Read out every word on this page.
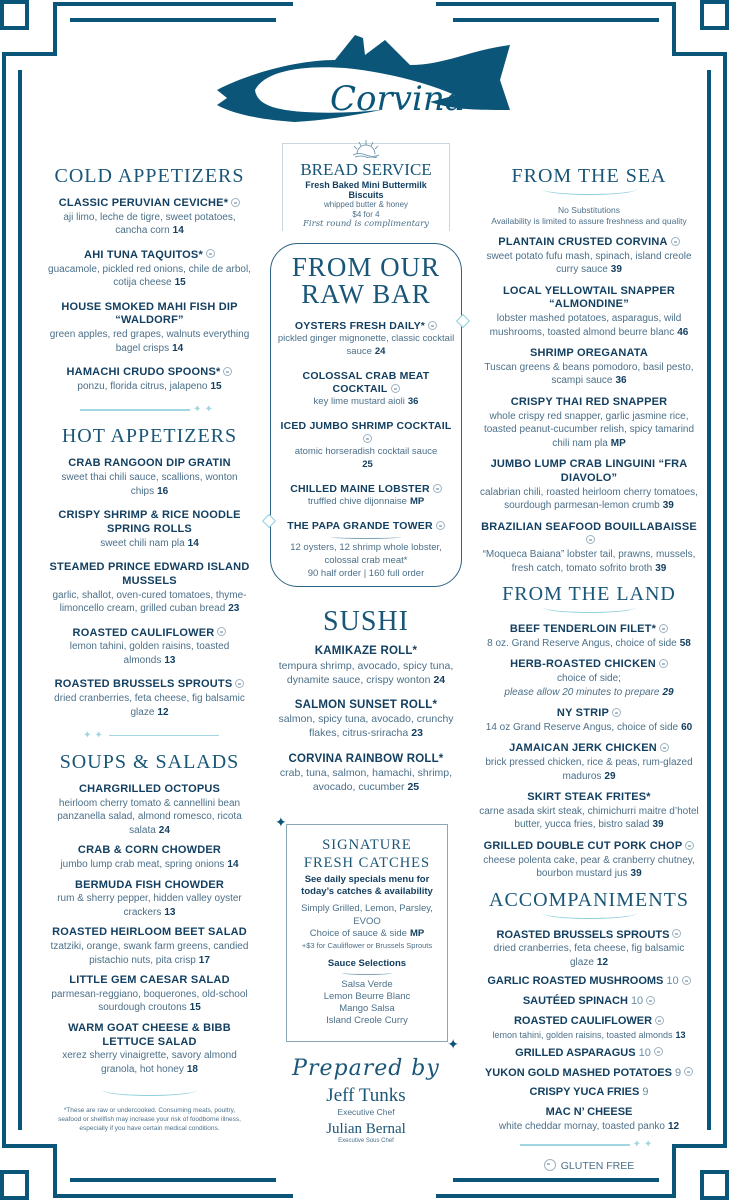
Corvina
COLD APPETIZERS
CLASSIC PERUVIAN CEVICHE*
aji limo, leche de tigre, sweet potatoes, cancha corn 14
AHI TUNA TAQUITOS*
guacamole, pickled red onions, chile de arbol, cotija cheese 15
HOUSE SMOKED MAHI FISH DIP “WALDORF”
green apples, red grapes, walnuts everything bagel crisps 14
HAMACHI CRUDO SPOONS*
ponzu, florida citrus, jalapeno 15
✦✦
HOT APPETIZERS
CRAB RANGOON DIP GRATIN
sweet thai chili sauce, scallions, wonton chips 16
CRISPY SHRIMP & RICE NOODLE SPRING ROLLS
sweet chili nam pla 14
STEAMED PRINCE EDWARD ISLAND MUSSELS
garlic, shallot, oven-cured tomatoes, thyme-limoncello cream, grilled cuban bread 23
ROASTED CAULIFLOWER
lemon tahini, golden raisins, toasted almonds 13
ROASTED BRUSSELS SPROUTS
dried cranberries, feta cheese, fig balsamic glaze 12
✦✦
SOUPS & SALADS
CHARGRILLED OCTOPUS
heirloom cherry tomato & cannellini bean panzanella salad, almond romesco, ricota salata 24
CRAB & CORN CHOWDER
jumbo lump crab meat, spring onions 14
BERMUDA FISH CHOWDER
rum & sherry pepper, hidden valley oyster crackers 13
ROASTED HEIRLOOM BEET SALAD
tzatziki, orange, swank farm greens, candied pistachio nuts, pita crisp 17
LITTLE GEM CAESAR SALAD
parmesan-reggiano, boquerones, old-school sourdough croutons 15
WARM GOAT CHEESE & BIBB LETTUCE SALAD
xerez sherry vinaigrette, savory almond granola, hot honey 18
*These are raw or undercooked. Consuming meats, poultry, seafood or shellfish may increase your risk of foodborne illness, especially if you have certain medical conditions.
BREAD SERVICE
Fresh Baked Mini Buttermilk Biscuits
whipped butter & honey
$4 for 4
First round is complimentary
FROM OUR
RAW BAR
OYSTERS FRESH DAILY*
pickled ginger mignonette, classic cocktail sauce 24
COLOSSAL CRAB MEAT COCKTAIL
key lime mustard aioli 36
ICED JUMBO SHRIMP COCKTAIL
atomic horseradish cocktail sauce
25
CHILLED MAINE LOBSTER
truffled chive dijonnaise MP
THE PAPA GRANDE TOWER
12 oysters, 12 shrimp whole lobster, colossal crab meat*
90 half order | 160 full order
SUSHI
KAMIKAZE ROLL*
tempura shrimp, avocado, spicy tuna, dynamite sauce, crispy wonton 24
SALMON SUNSET ROLL*
salmon, spicy tuna, avocado, crunchy flakes, citrus-sriracha 23
CORVINA RAINBOW ROLL*
crab, tuna, salmon, hamachi, shrimp, avocado, cucumber 25
✦
✦
SIGNATURE
FRESH CATCHES
See daily specials menu for today’s catches & availability
Simply Grilled, Lemon, Parsley, EVOO
Choice of sauce & side MP
+$3 for Cauliflower or Brussels Sprouts
Sauce Selections
Salsa Verde
Lemon Beurre Blanc
Mango Salsa
Island Creole Curry
Prepared by
Jeff Tunks
Executive Chef
Julian Bernal
Executive Sous Chef
FROM THE SEA
No Substitutions
Availability is limited to assure freshness and quality
PLANTAIN CRUSTED CORVINA
sweet potato fufu mash, spinach, island creole curry sauce 39
LOCAL YELLOWTAIL SNAPPER “ALMONDINE”
lobster mashed potatoes, asparagus, wild mushrooms, toasted almond beurre blanc 46
SHRIMP OREGANATA
Tuscan greens & beans pomodoro, basil pesto, scampi sauce 36
CRISPY THAI RED SNAPPER
whole crispy red snapper, garlic jasmine rice, toasted peanut-cucumber relish, spicy tamarind chili nam pla MP
JUMBO LUMP CRAB LINGUINI “FRA DIAVOLO”
calabrian chili, roasted heirloom cherry tomatoes, sourdough parmesan-lemon crumb 39
BRAZILIAN SEAFOOD BOUILLABAISSE
“Moqueca Baiana” lobster tail, prawns, mussels, fresh catch, tomato sofrito broth 39
FROM THE LAND
BEEF TENDERLOIN FILET*
8 oz. Grand Reserve Angus, choice of side 58
HERB-ROASTED CHICKEN
choice of side;
please allow 20 minutes to prepare 29
NY STRIP
14 oz Grand Reserve Angus, choice of side 60
JAMAICAN JERK CHICKEN
brick pressed chicken, rice & peas, rum-glazed maduros 29
SKIRT STEAK FRITES*
carne asada skirt steak, chimichurri maitre d’hotel butter, yucca fries, bistro salad 39
GRILLED DOUBLE CUT PORK CHOP
cheese polenta cake, pear & cranberry chutney, bourbon mustard jus 39
ACCOMPANIMENTS
ROASTED BRUSSELS SPROUTS
dried cranberries, feta cheese, fig balsamic glaze 12
GARLIC ROASTED MUSHROOMS 10
SAUTÉED SPINACH 10
ROASTED CAULIFLOWER
lemon tahini, golden raisins, toasted almonds 13
GRILLED ASPARAGUS 10
YUKON GOLD MASHED POTATOES 9
CRISPY YUCA FRIES 9
MAC N’ CHEESE
white cheddar mornay, toasted panko 12
✦✦
GLUTEN FREE
